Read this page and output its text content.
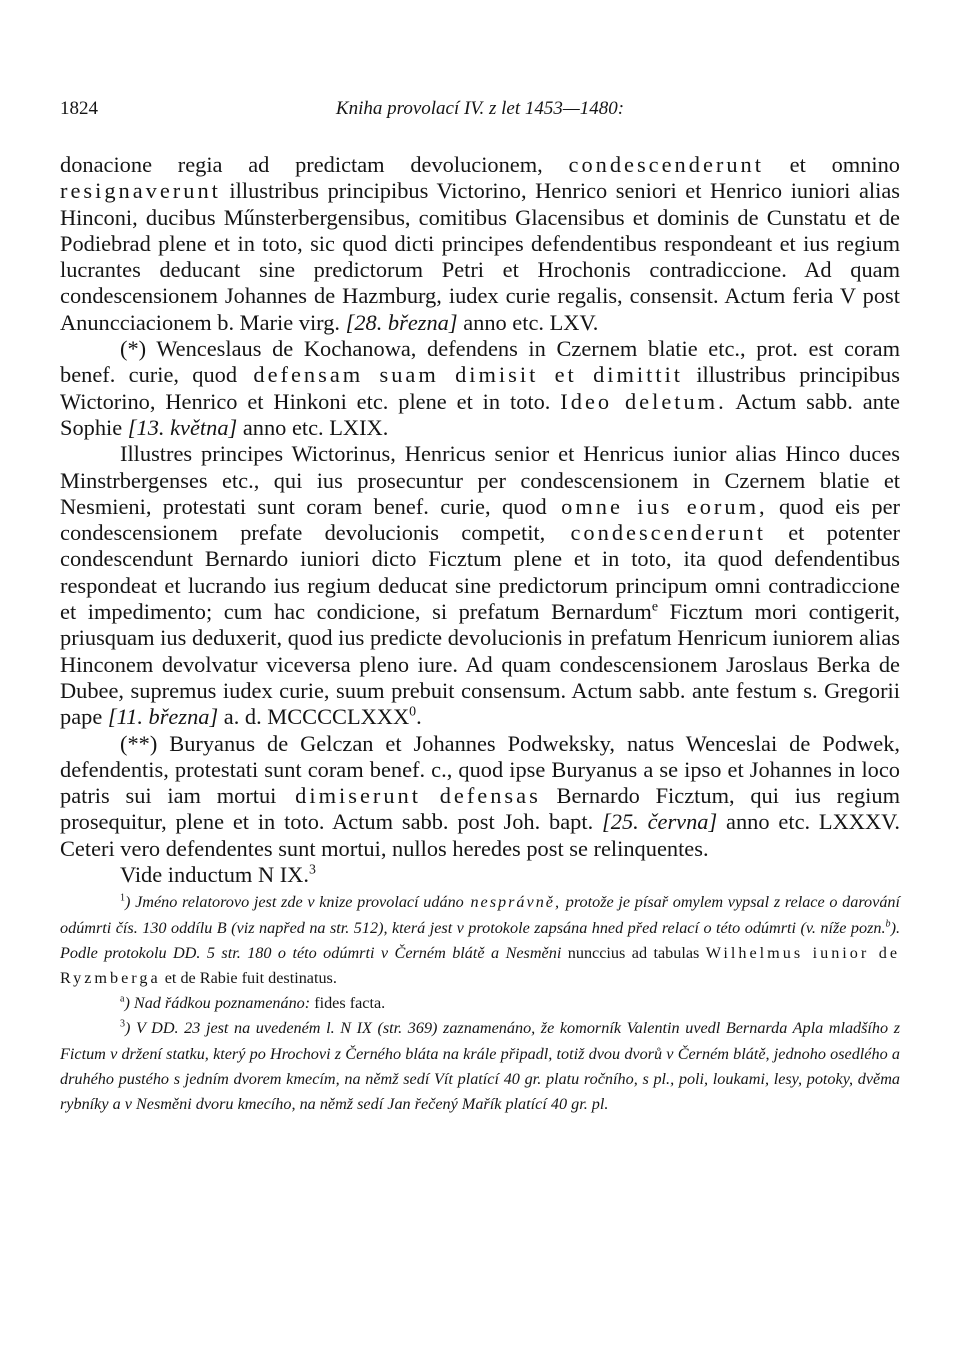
1824	Kniha provolací IV. z let 1453—1480:

donacione regia ad predictam devolucionem, condescenderunt et omnino resignaverunt illustribus principibus Victorino, Henrico seniori et Henrico iuniori alias Hinconi, ducibus Műnsterbergensibus, comitibus Glacensibus et dominis de Cunstatu et de Podiebrad plene et in toto, sic quod dicti principes defendentibus respondeant et ius regium lucrantes deducant sine predictorum Petri et Hrochonis contradiccione. Ad quam condescensionem Johannes de Hazmburg, iudex curie regalis, consensit. Actum feria V post Anuncciacionem b. Marie virg. [28. března] anno etc. LXV.

(*) Wenceslaus de Kochanowa, defendens in Czernem blatie etc., prot. est coram benef. curie, quod defensam suam dimisit et dimittit illustribus principibus Wictorino, Henrico et Hinkoni etc. plene et in toto. Ideo deletum. Actum sabb. ante Sophie [13. května] anno etc. LXIX.

Illustres principes Wictorinus, Henricus senior et Henricus iunior alias Hinco duces Minstrbergenses etc., qui ius prosecuntur per condescensionem in Czernem blatie et Nesmieni, protestati sunt coram benef. curie, quod omne ius eorum, quod eis per condescensionem prefate devolucionis competit, condescenderunt et potenter condescendunt Bernardo iuniori dicto Ficztum plene et in toto, ita quod defendentibus respondeat et lucrando ius regium deducat sine predictorum principum omni contradiccione et impedimento; cum hac condicione, si prefatum Bernardum$^e$ Ficztum mori contigerit, priusquam ius deduxerit, quod ius predicte devolucionis in prefatum Henricum iuniorem alias Hinconem devolvatur viceversa pleno iure. Ad quam condescensionem Jaroslaus Berka de Dubee, supremus iudex curie, suum prebuit consensum. Actum sabb. ante festum s. Gregorii pape [11. března] a. d. MCCCCLXXX$^0$.

(**) Buryanus de Gelczan et Johannes Podweksky, natus Wenceslai de Podwek, defendentis, protestati sunt coram benef. c., quod ipse Buryanus a se ipso et Johannes in loco patris sui iam mortui dimiserunt defensas Bernardo Ficztum, qui ius regium prosequitur, plene et in toto. Actum sabb. post Joh. bapt. [25. června] anno etc. LXXXV. Ceteri vero defendentes sunt mortui, nullos heredes post se relinquentes.

Vide inductum N IX.$^3$

$^1$) Jméno relatorovo jest zde v knize provolací udáno nesprávně, protože je písař omylem vypsal z relace o darování odúmrti čís. 130 oddílu B (viz napřed na str. 512), která jest v protokole zapsána hned před relací o této odúmrti (v. níže pozn.$^b$). Podle protokolu DD. 5 str. 180 o této odúmrti v Černém blátě a Nesměni nunccius ad tabulas Wilhelmus iunior de Ryzmberga et de Rabie fuit destinatus.

$^a$) Nad řádkou poznamenáno: fides facta.

$^3$) V DD. 23 jest na uvedeném l. N IX (str. 369) zaznamenáno, že komorník Valentin uvedl Bernarda Apla mladšího z Fictum v držení statku, který po Hrochovi z Černého bláta na krále připadl, totiž dvou dvorů v Černém blátě, jednoho osedlého a druhého pustého s jedním dvorem kmecím, na němž sedí Vít platící 40 gr. platu ročního, s pl., poli, loukami, lesy, potoky, dvěma rybníky a v Nesměni dvoru kmecího, na němž sedí Jan řečený Mařík platící 40 gr. pl.
